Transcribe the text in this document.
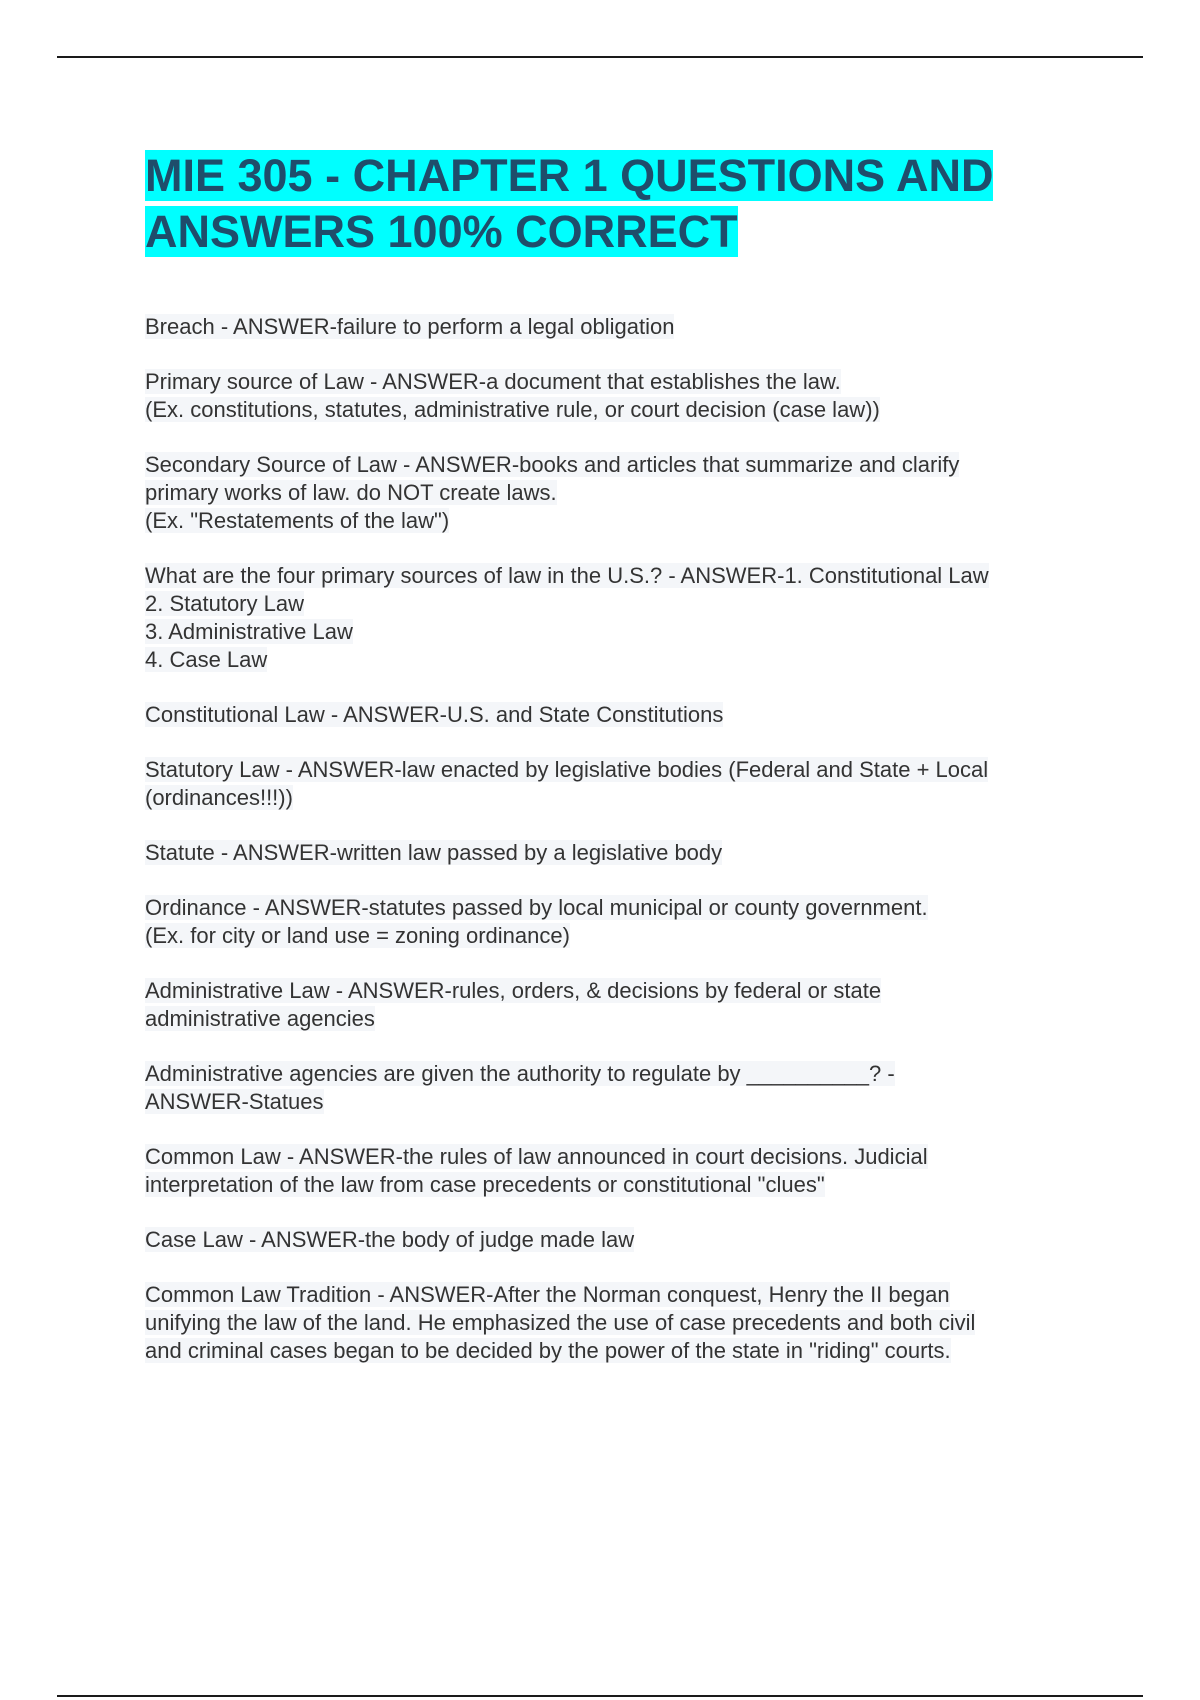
MIE 305 - CHAPTER 1 QUESTIONS AND ANSWERS 100% CORRECT
Breach - ANSWER-failure to perform a legal obligation
Primary source of Law - ANSWER-a document that establishes the law.
(Ex. constitutions, statutes, administrative rule, or court decision (case law))
Secondary Source of Law - ANSWER-books and articles that summarize and clarify
primary works of law. do NOT create laws.
(Ex. "Restatements of the law")
What are the four primary sources of law in the U.S.? - ANSWER-1. Constitutional Law
2. Statutory Law
3. Administrative Law
4. Case Law
Constitutional Law - ANSWER-U.S. and State Constitutions
Statutory Law - ANSWER-law enacted by legislative bodies (Federal and State + Local
(ordinances!!!))
Statute - ANSWER-written law passed by a legislative body
Ordinance - ANSWER-statutes passed by local municipal or county government.
(Ex. for city or land use = zoning ordinance)
Administrative Law - ANSWER-rules, orders, & decisions by federal or state
administrative agencies
Administrative agencies are given the authority to regulate by __________? -
ANSWER-Statues
Common Law - ANSWER-the rules of law announced in court decisions. Judicial
interpretation of the law from case precedents or constitutional "clues"
Case Law - ANSWER-the body of judge made law
Common Law Tradition - ANSWER-After the Norman conquest, Henry the II began
unifying the law of the land. He emphasized the use of case precedents and both civil
and criminal cases began to be decided by the power of the state in "riding" courts.
